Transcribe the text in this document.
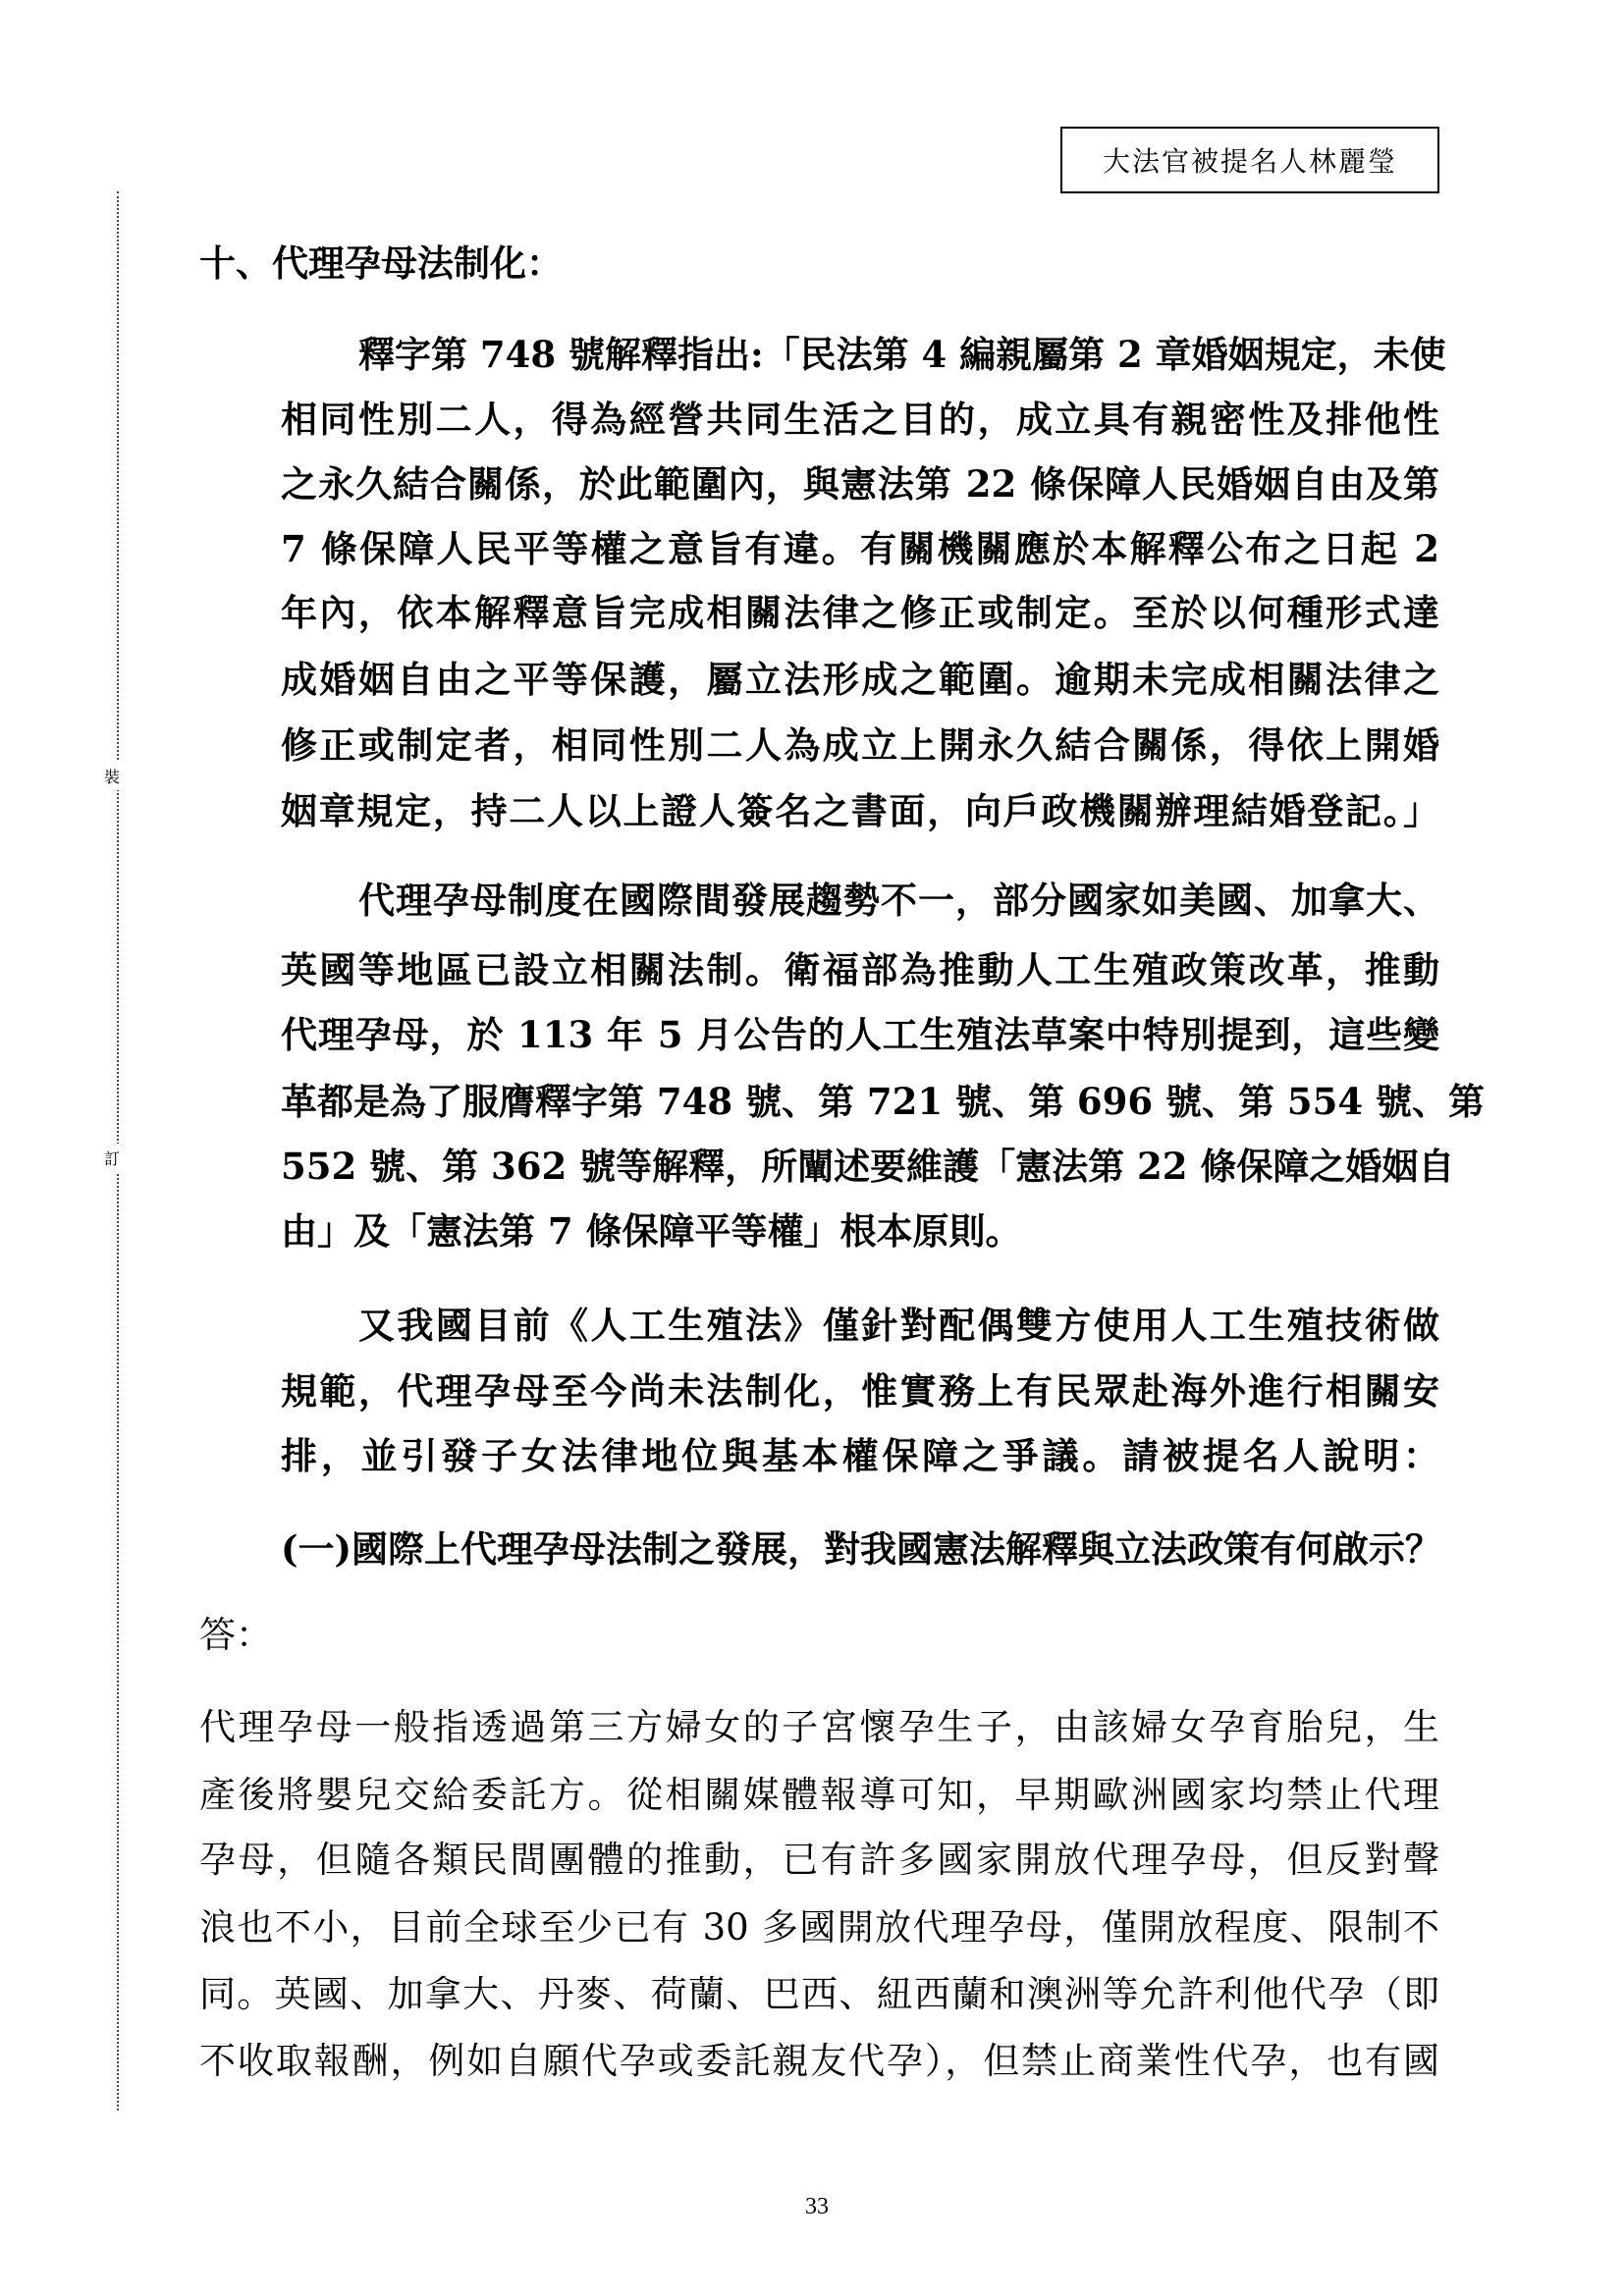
大法官被提名人林麗瑩
裝
訂
十、代理孕母法制化：
釋字第 748 號解釋指出:「民法第 4 編親屬第 2 章婚姻規定，未使
相同性別二人，得為經營共同生活之目的，成立具有親密性及排他性
之永久結合關係，於此範圍內，與憲法第 22 條保障人民婚姻自由及第
7 條保障人民平等權之意旨有違。有關機關應於本解釋公布之日起 2
年內，依本解釋意旨完成相關法律之修正或制定。至於以何種形式達
成婚姻自由之平等保護，屬立法形成之範圍。逾期未完成相關法律之
修正或制定者，相同性別二人為成立上開永久結合關係，得依上開婚
姻章規定，持二人以上證人簽名之書面，向戶政機關辦理結婚登記。」
代理孕母制度在國際間發展趨勢不一，部分國家如美國、加拿大、
英國等地區已設立相關法制。衛福部為推動人工生殖政策改革，推動
代理孕母，於 113 年 5 月公告的人工生殖法草案中特別提到，這些變
革都是為了服膺釋字第 748 號、第 721 號、第 696 號、第 554 號、第
552 號、第 362 號等解釋，所闡述要維護「憲法第 22 條保障之婚姻自
由」及「憲法第 7 條保障平等權」根本原則。
又我國目前《人工生殖法》僅針對配偶雙方使用人工生殖技術做
規範，代理孕母至今尚未法制化，惟實務上有民眾赴海外進行相關安
排，並引發子女法律地位與基本權保障之爭議。請被提名人說明：
(一)國際上代理孕母法制之發展，對我國憲法解釋與立法政策有何啟示？
答：
代理孕母一般指透過第三方婦女的子宮懷孕生子，由該婦女孕育胎兒，生
產後將嬰兒交給委託方。從相關媒體報導可知，早期歐洲國家均禁止代理
孕母，但隨各類民間團體的推動，已有許多國家開放代理孕母，但反對聲
浪也不小，目前全球至少已有 30 多國開放代理孕母，僅開放程度、限制不
同。英國、加拿大、丹麥、荷蘭、巴西、紐西蘭和澳洲等允許利他代孕（即
不收取報酬，例如自願代孕或委託親友代孕），但禁止商業性代孕，也有國
33
